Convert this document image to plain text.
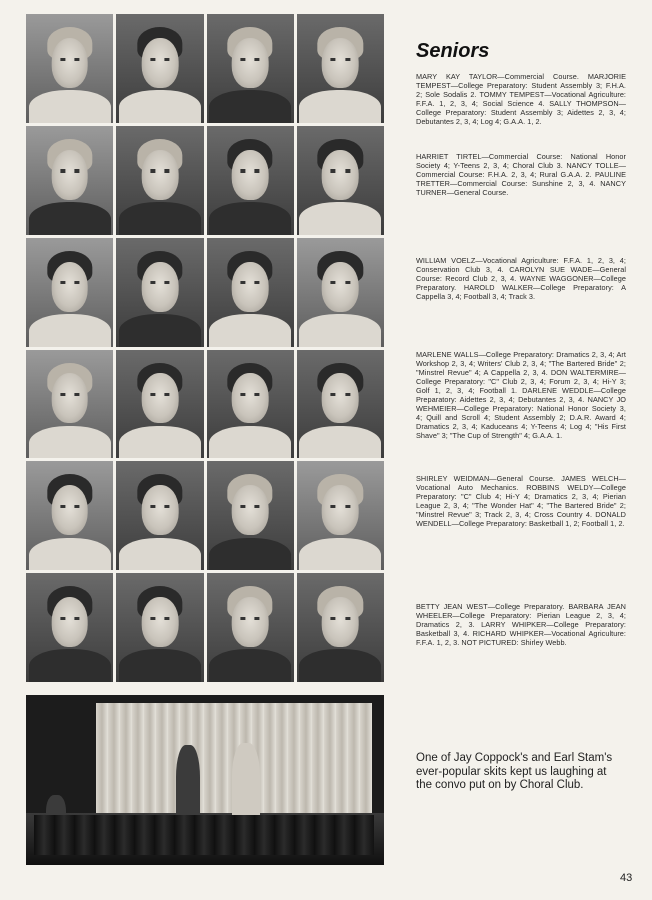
Seniors
MARY KAY TAYLOR—Commercial Course. MARJORIE TEMPEST—College Preparatory: Student Assembly 3; F.H.A. 2; Sole Sodalis 2. TOMMY TEMPEST—Vocational Agriculture: F.F.A. 1, 2, 3, 4; Social Science 4. SALLY THOMPSON—College Preparatory: Student Assembly 3; Aidettes 2, 3, 4; Debutantes 2, 3, 4; Log 4; G.A.A. 1, 2.
HARRIET TIRTEL—Commercial Course: National Honor Society 4; Y-Teens 2, 3, 4; Choral Club 3. NANCY TOLLE—Commercial Course: F.H.A. 2, 3, 4; Rural G.A.A. 2. PAULINE TRETTER—Commercial Course: Sunshine 2, 3, 4. NANCY TURNER—General Course.
WILLIAM VOELZ—Vocational Agriculture: F.F.A. 1, 2, 3, 4; Conservation Club 3, 4. CAROLYN SUE WADE—General Course: Record Club 2, 3, 4. WAYNE WAGGONER—College Preparatory. HAROLD WALKER—College Preparatory: A Cappella 3, 4; Football 3, 4; Track 3.
MARLENE WALLS—College Preparatory: Dramatics 2, 3, 4; Art Workshop 2, 3, 4; Writers' Club 2, 3, 4; "The Bartered Bride" 2; "Minstrel Revue" 4; A Cappella 2, 3, 4. DON WALTERMIRE—College Preparatory: "C" Club 2, 3, 4; Forum 2, 3, 4; Hi-Y 3; Golf 1, 2, 3, 4; Football 1. DARLENE WEDDLE—College Preparatory: Aidettes 2, 3, 4; Debutantes 2, 3, 4. NANCY JO WEHMEIER—College Preparatory: National Honor Society 3, 4; Quill and Scroll 4; Student Assembly 2; D.A.R. Award 4; Dramatics 2, 3, 4; Kaduceans 4; Y-Teens 4; Log 4; "His First Shave" 3; "The Cup of Strength" 4; G.A.A. 1.
SHIRLEY WEIDMAN—General Course. JAMES WELCH—Vocational Auto Mechanics. ROBBINS WELDY—College Preparatory: "C" Club 4; Hi-Y 4; Dramatics 2, 3, 4; Pierian League 2, 3, 4; "The Wonder Hat" 4; "The Bartered Bride" 2; "Minstrel Revue" 3; Track 2, 3, 4; Cross Country 4. DONALD WENDELL—College Preparatory: Basketball 1, 2; Football 1, 2.
BETTY JEAN WEST—College Preparatory. BARBARA JEAN WHEELER—College Preparatory: Pierian League 2, 3, 4; Dramatics 2, 3. LARRY WHIPKER—College Preparatory: Basketball 3, 4. RICHARD WHIPKER—Vocational Agriculture: F.F.A. 1, 2, 3. NOT PICTURED: Shirley Webb.
One of Jay Coppock's and Earl Stam's ever-popular skits kept us laughing at the convo put on by Choral Club.
43
